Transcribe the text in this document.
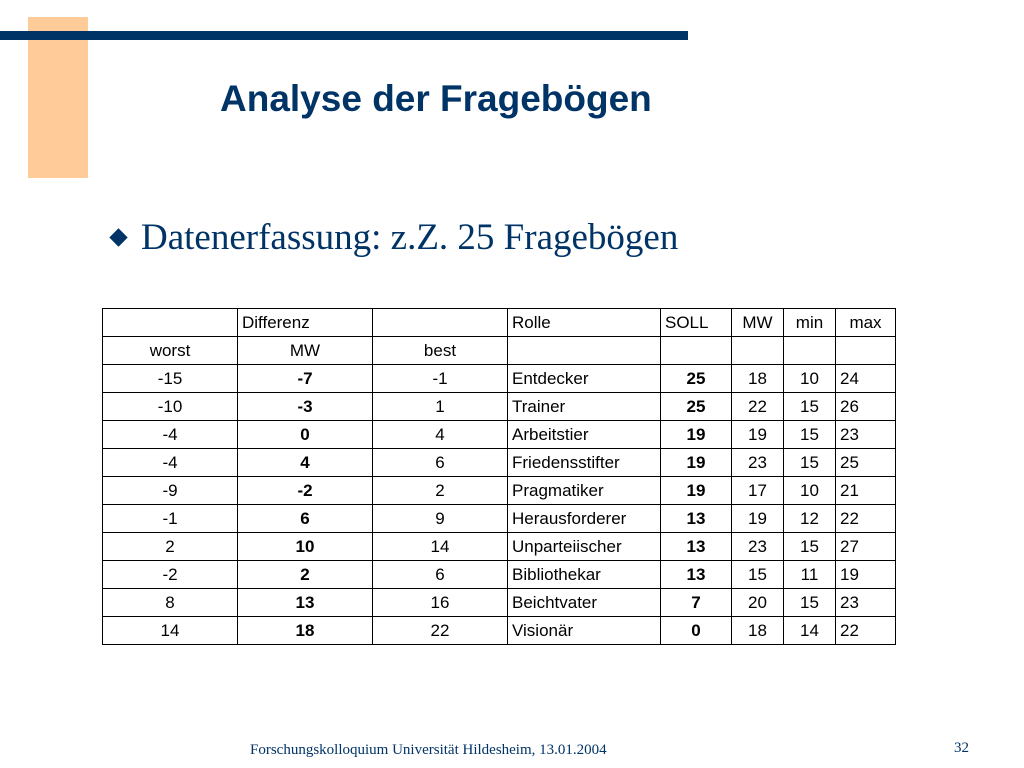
Analyse der Fragebögen
Datenerfassung: z.Z. 25 Fragebögen
	Differenz		Rolle	SOLL	MW	min	max
worst	MW	best					
-15	-7	-1	Entdecker	25	18	10	24
-10	-3	1	Trainer	25	22	15	26
-4	0	4	Arbeitstier	19	19	15	23
-4	4	6	Friedensstifter	19	23	15	25
-9	-2	2	Pragmatiker	19	17	10	21
-1	6	9	Herausforderer	13	19	12	22
2	10	14	Unparteiischer	13	23	15	27
-2	2	6	Bibliothekar	13	15	11	19
8	13	16	Beichtvater	7	20	15	23
14	18	22	Visionär	0	18	14	22
Forschungskolloquium Universität Hildesheim, 13.01.2004	32
